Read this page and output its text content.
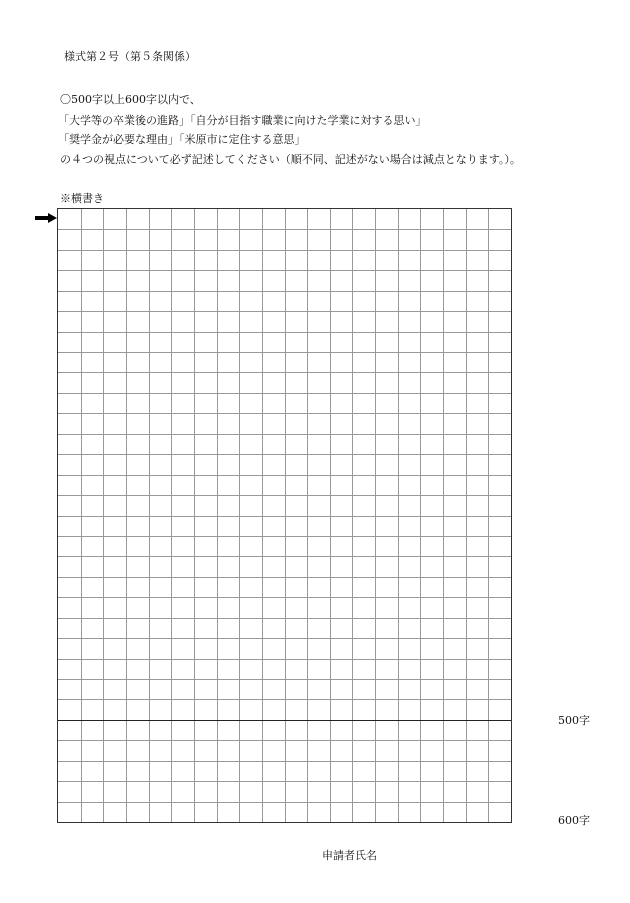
様式第２号（第５条関係）
〇500字以上600字以内で、
「大学等の卒業後の進路」「自分が目指す職業に向けた学業に対する思い」
「奨学金が必要な理由」「米原市に定住する意思」
の４つの視点について必ず記述してください（順不同、記述がない場合は減点となります。）。
※横書き
500字
600字
申請者氏名
